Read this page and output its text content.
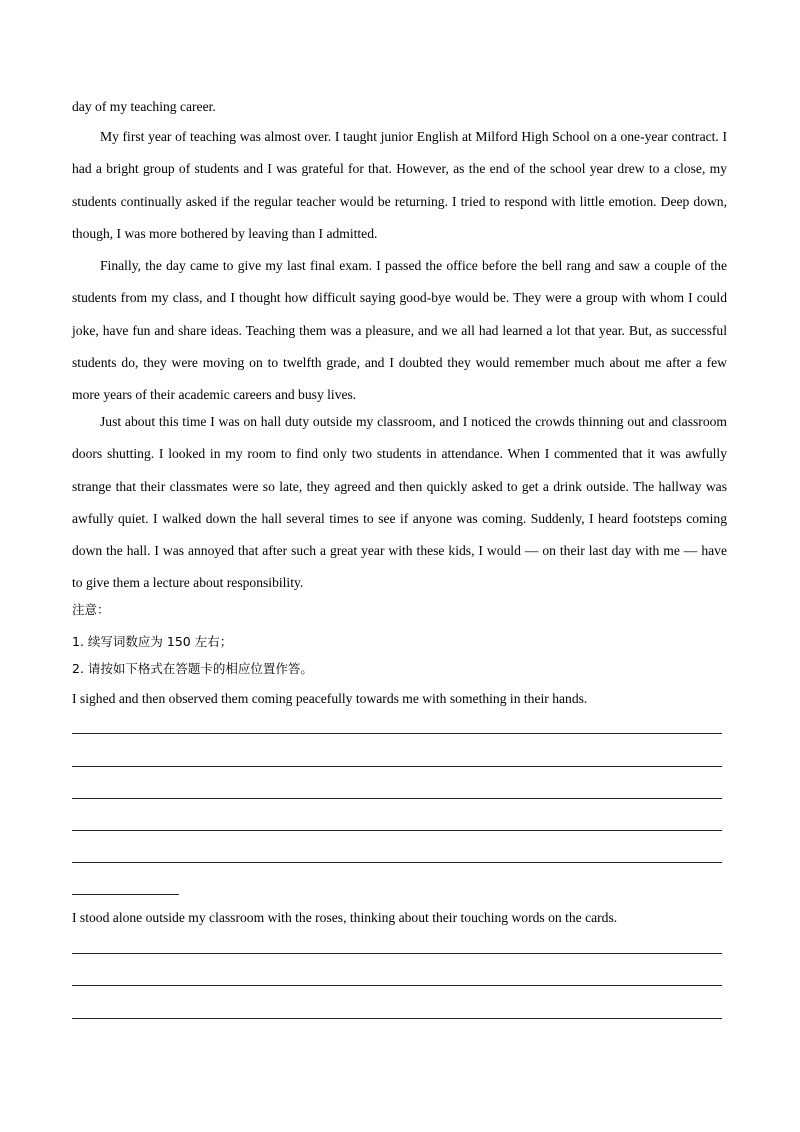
day of my teaching career.

My first year of teaching was almost over. I taught junior English at Milford High School on a one-year contract. I had a bright group of students and I was grateful for that. However, as the end of the school year drew to a close, my students continually asked if the regular teacher would be returning. I tried to respond with little emotion. Deep down, though, I was more bothered by leaving than I admitted.

Finally, the day came to give my last final exam. I passed the office before the bell rang and saw a couple of the students from my class, and I thought how difficult saying good-bye would be. They were a group with whom I could joke, have fun and share ideas. Teaching them was a pleasure, and we all had learned a lot that year. But, as successful students do, they were moving on to twelfth grade, and I doubted they would remember much about me after a few more years of their academic careers and busy lives.

Just about this time I was on hall duty outside my classroom, and I noticed the crowds thinning out and classroom doors shutting. I looked in my room to find only two students in attendance. When I commented that it was awfully strange that their classmates were so late, they agreed and then quickly asked to get a drink outside. The hallway was awfully quiet. I walked down the hall several times to see if anyone was coming. Suddenly, I heard footsteps coming down the hall. I was annoyed that after such a great year with these kids, I would — on their last day with me — have to give them a lecture about responsibility.

注意：
1. 续写词数应为 150 左右；
2. 请按如下格式在答题卡的相应位置作答。
I sighed and then observed them coming peacefully towards me with something in their hands.
I stood alone outside my classroom with the roses, thinking about their touching words on the cards.
